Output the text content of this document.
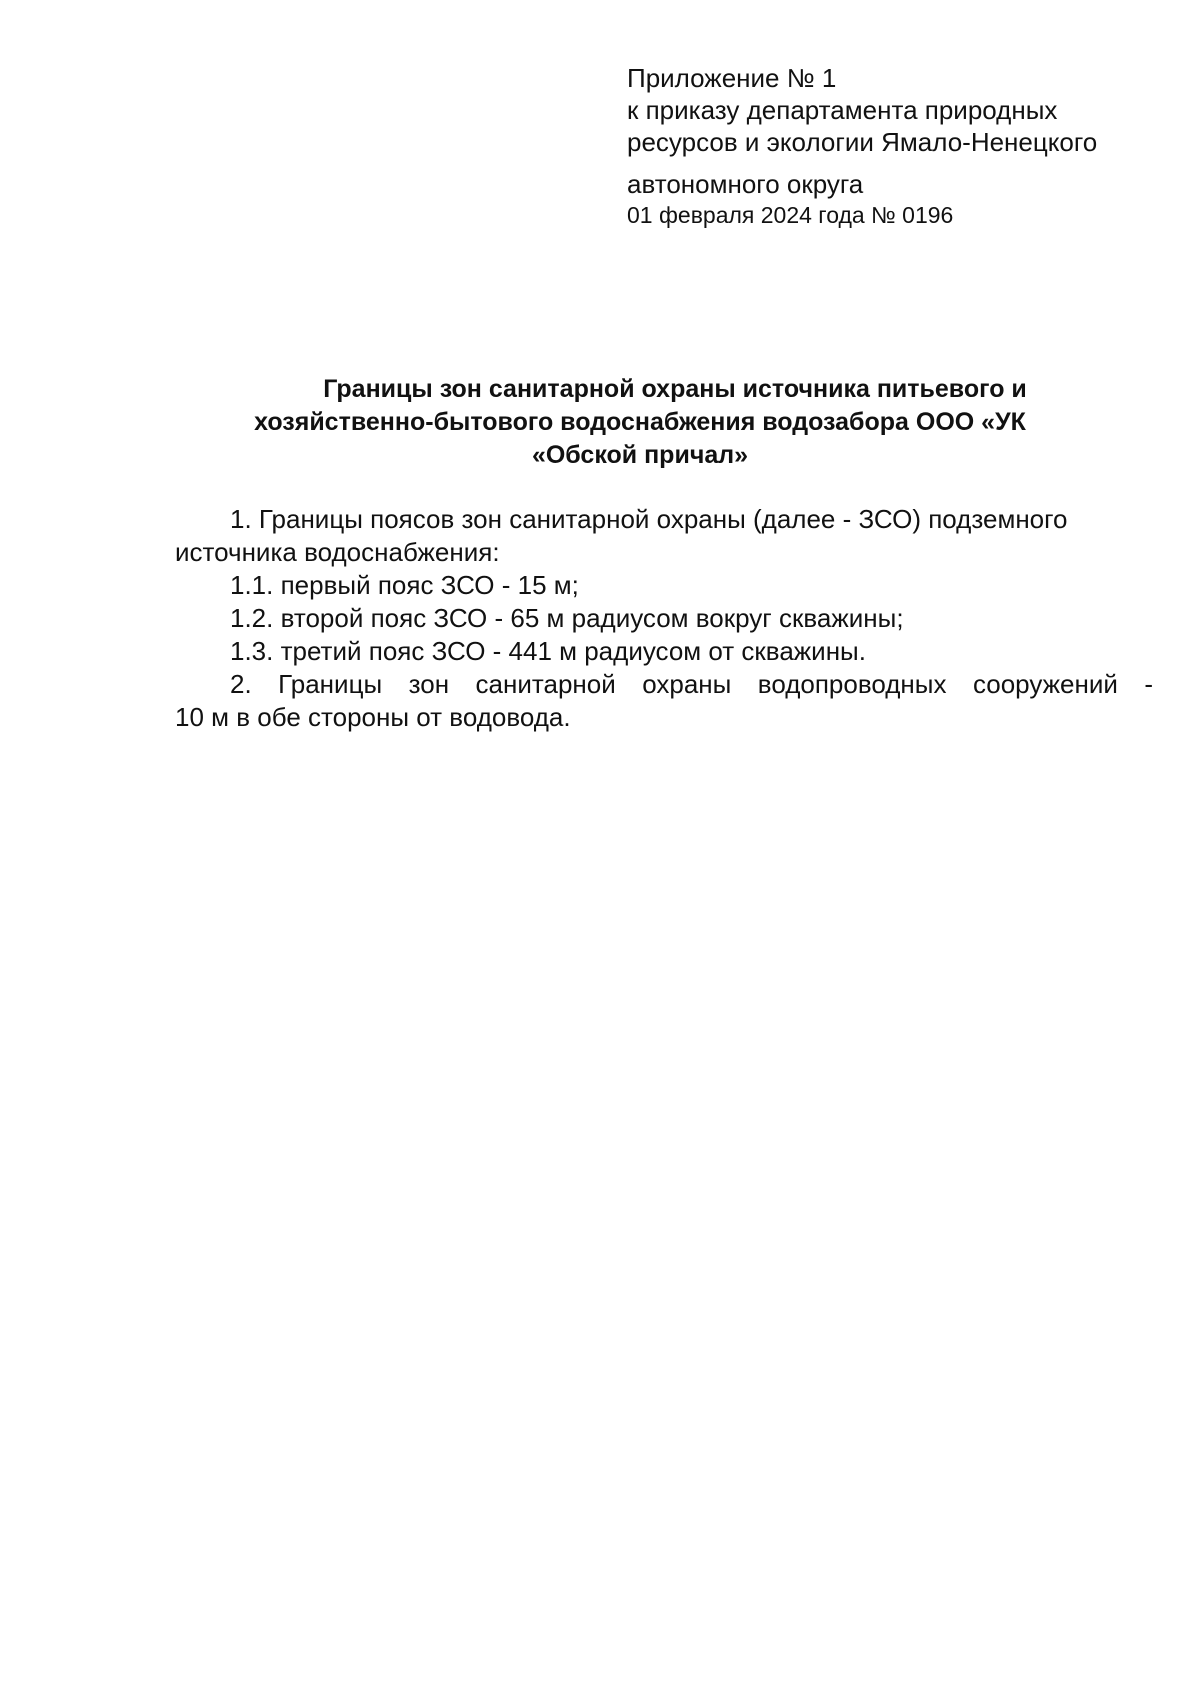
Приложение № 1
к приказу департамента природных
ресурсов и экологии Ямало-Ненецкого
автономного округа
01 февраля 2024 года № 0196
Границы зон санитарной охраны источника питьевого и
хозяйственно-бытового водоснабжения водозабора ООО «УК
«Обской причал»
1. Границы поясов зон санитарной охраны (далее - ЗСО) подземного
источника водоснабжения:
1.1. первый пояс ЗСО - 15 м;
1.2. второй пояс ЗСО - 65 м радиусом вокруг скважины;
1.3. третий пояс ЗСО - 441 м радиусом от скважины.
2. Границы зон санитарной охраны водопроводных сооружений -
10 м в обе стороны от водовода.
